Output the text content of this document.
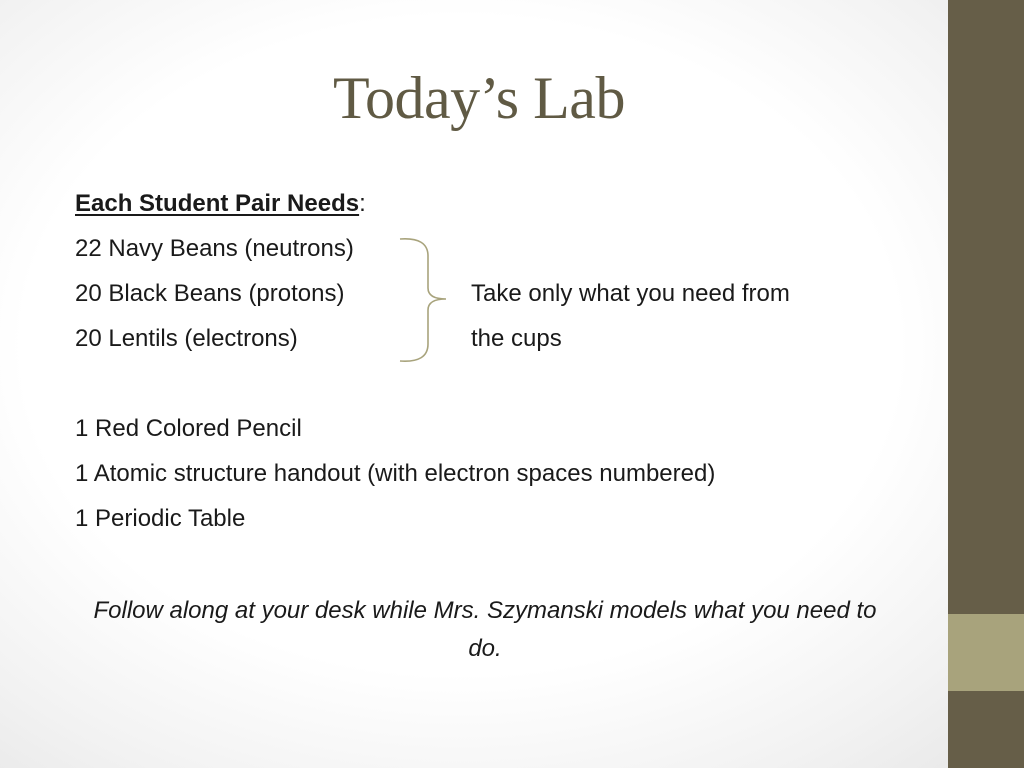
Today’s Lab
Each Student Pair Needs:
22 Navy Beans (neutrons)
20 Black Beans (protons)
20 Lentils (electrons)
Take only what you need from
the cups
1 Red Colored Pencil
1 Atomic structure handout (with electron spaces numbered)
1 Periodic Table
Follow along at your desk while Mrs. Szymanski models what you need to do.
